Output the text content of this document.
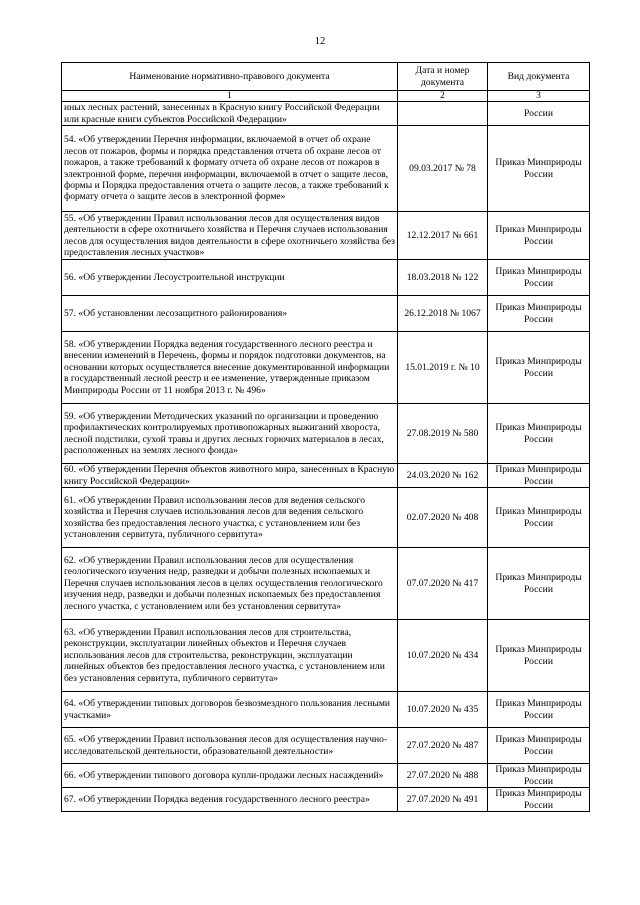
12
Наименование нормативно-правового документа	Дата и номер документа	Вид документа
1	2	3
иных лесных растений, занесенных в Красную книгу Российской Федерации или красные книги субъектов Российской Федерации»		России
54. «Об утверждении Перечня информации, включаемой в отчет об охране лесов от пожаров, формы и порядка представления отчета об охране лесов от пожаров, а также требований к формату отчета об охране лесов от пожаров в электронной форме, перечня информации, включаемой в отчет о защите лесов, формы и Порядка предоставления отчета о защите лесов, а также требований к формату отчета о защите лесов в электронной форме»	09.03.2017 № 78	Приказ Минприроды России
55. «Об утверждении Правил использования лесов для осуществления видов деятельности в сфере охотничьего хозяйства и Перечня случаев использования лесов для осуществления видов деятельности в сфере охотничьего хозяйства без предоставления лесных участков»	12.12.2017 № 661	Приказ Минприроды России
56. «Об утверждении Лесоустроительной инструкции	18.03.2018 № 122	Приказ Минприроды России
57. «Об установлении лесозащитного районирования»	26.12.2018 № 1067	Приказ Минприроды России
58. «Об утверждении Порядка ведения государственного лесного реестра и внесении изменений в Перечень, формы и порядок подготовки документов, на основании которых осуществляется внесение документированной информации в государственный лесной реестр и ее изменение, утвержденные приказом Минприроды России от 11 ноября 2013 г. № 496»	15.01.2019 г. № 10	Приказ Минприроды России
59. «Об утверждении Методических указаний по организации и проведению профилактических контролируемых противопожарных выжиганий хвороста, лесной подстилки, сухой травы и других лесных горючих материалов в лесах, расположенных на землях лесного фонда»	27.08.2019 № 580	Приказ Минприроды России
60. «Об утверждении Перечня объектов животного мира, занесенных в Красную книгу Российской Федерации»	24.03.2020 № 162	Приказ Минприроды России
61. «Об утверждении Правил использования лесов для ведения сельского хозяйства и Перечня случаев использования лесов для ведения сельского хозяйства без предоставления лесного участка, с установлением или без установления сервитута, публичного сервитута»	02.07.2020 № 408	Приказ Минприроды России
62. «Об утверждении Правил использования лесов для осуществления геологического изучения недр, разведки и добычи полезных ископаемых и Перечня случаев использования лесов в целях осуществления геологического изучения недр, разведки и добычи полезных ископаемых без предоставления лесного участка, с установлением или без установления сервитута»	07.07.2020 № 417	Приказ Минприроды России
63. «Об утверждении Правил использования лесов для строительства, реконструкции, эксплуатации линейных объектов и Перечня случаев использования лесов для строительства, реконструкции, эксплуатации линейных объектов без предоставления лесного участка, с установлением или без установления сервитута, публичного сервитута»	10.07.2020 № 434	Приказ Минприроды России
64. «Об утверждении типовых договоров безвозмездного пользования лесными участками»	10.07.2020 № 435	Приказ Минприроды России
65. «Об утверждении Правил использования лесов для осуществления научно-исследовательской деятельности, образовательной деятельности»	27.07.2020 № 487	Приказ Минприроды России
66. «Об утверждении типового договора купли-продажи лесных насаждений»	27.07.2020 № 488	Приказ Минприроды России
67. «Об утверждении Порядка ведения государственного лесного реестра»	27.07.2020 № 491	Приказ Минприроды России
